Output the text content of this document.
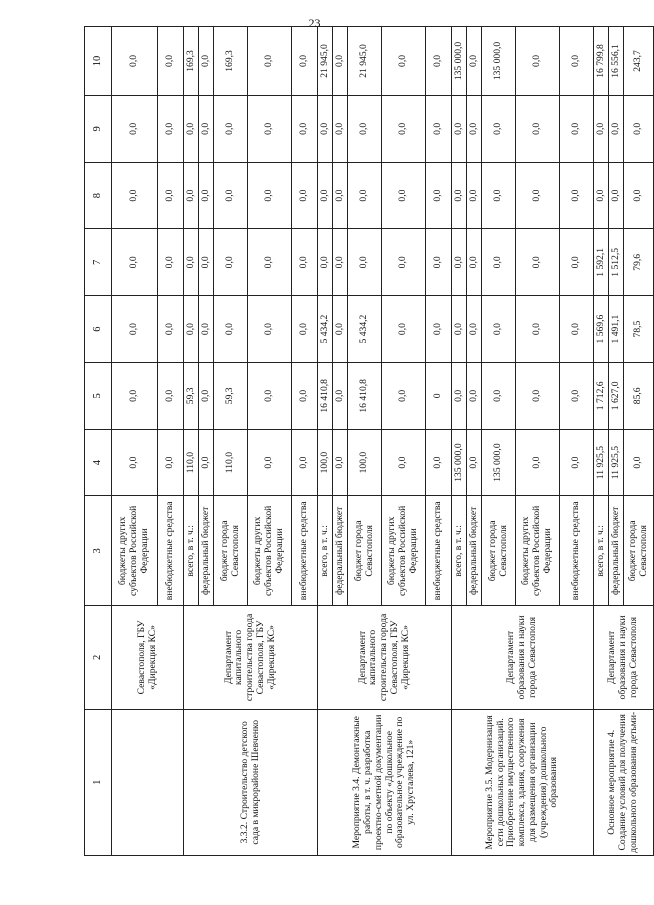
23
1	2	3	4	5	6	7	8	9	10
	Севастополя, ГБУ «Дирекция КС»	бюджеты других субъектов Российской Федерации	0,0	0,0	0,0	0,0	0,0	0,0	0,0
		внебюджетные средства	0,0	0,0	0,0	0,0	0,0	0,0	0,0
3.3.2. Строительство детского сада в микрорайоне Шевченко	Департамент капитального строительства города Севастополя, ГБУ «Дирекция КС»	всего, в т. ч.:	110,0	59,3	0,0	0,0	0,0	0,0	169,3
		федеральный бюджет	0,0	0,0	0,0	0,0	0,0	0,0	0,0
		бюджет города Севастополя	110,0	59,3	0,0	0,0	0,0	0,0	169,3
		бюджеты других субъектов Российской Федерации	0,0	0,0	0,0	0,0	0,0	0,0	0,0
		внебюджетные средства	0,0	0,0	0,0	0,0	0,0	0,0	0,0
Мероприятие 3.4. Демонтажные работы, в т. ч. разработка проектно-сметной документации по объекту «Дошкольное образовательное учреждение по ул. Хрусталева, 121»	Департамент капитального строительства города Севастополя, ГБУ «Дирекция КС»	всего, в т. ч.:	100,0	16 410,8	5 434,2	0,0	0,0	0,0	21 945,0
		федеральный бюджет	0,0	0,0	0,0	0,0	0,0	0,0	0,0
		бюджет города Севастополя	100,0	16 410,8	5 434,2	0,0	0,0	0,0	21 945,0
		бюджеты других субъектов Российской Федерации	0,0	0,0	0,0	0,0	0,0	0,0	0,0
		внебюджетные средства	0,0	0	0,0	0,0	0,0	0,0	0,0
Мероприятие 3.5. Модернизация сети дошкольных организаций. Приобретение имущественного комплекса, здания, сооружения для размещения организации (учреждения) дошкольного образования	Департамент образования и науки города Севастополя	всего, в т. ч.:	135 000,0	0,0	0,0	0,0	0,0	0,0	135 000,0
		федеральный бюджет	0,0	0,0	0,0	0,0	0,0	0,0	0,0
		бюджет города Севастополя	135 000,0	0,0	0,0	0,0	0,0	0,0	135 000,0
		бюджеты других субъектов Российской Федерации	0,0	0,0	0,0	0,0	0,0	0,0	0,0
		внебюджетные средства	0,0	0,0	0,0	0,0	0,0	0,0	0,0
Основное мероприятие 4. Создание условий для получения дошкольного образования детьми-	Департамент образования и науки города Севастополя	всего, в т. ч.:	11 925,5	1 712,6	1 569,6	1 592,1	0,0	0,0	16 799,8
		федеральный бюджет	11 925,5	1 627,0	1 491,1	1 512,5	0,0	0,0	16 556,1
		бюджет города Севастополя	0,0	85,6	78,5	79,6	0,0	0,0	243,7
